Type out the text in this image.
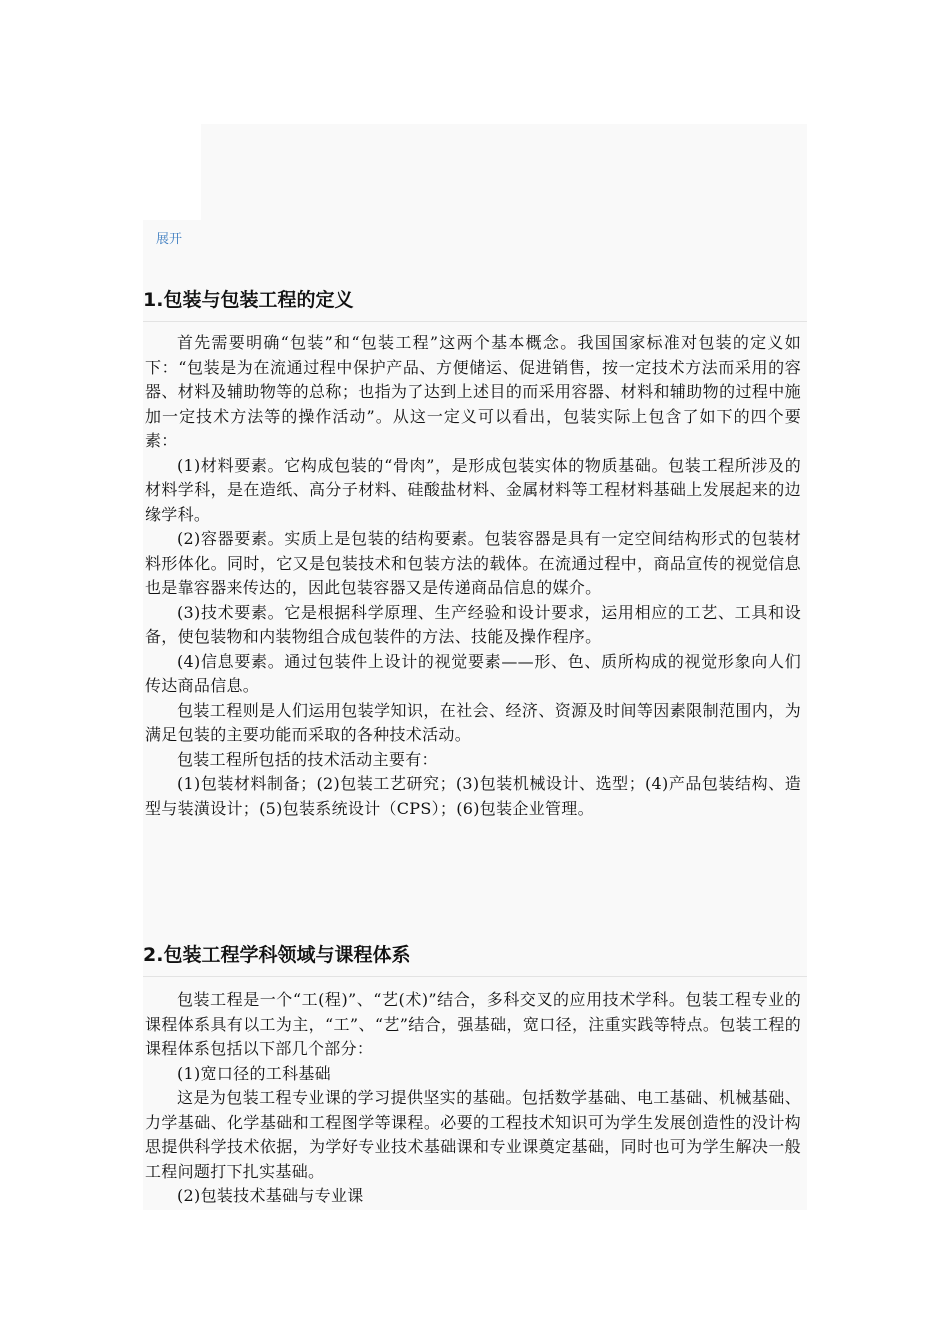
展开
1.包装与包装工程的定义

首先需要明确“包装”和“包装工程”这两个基本概念。我国国家标准对包装的定义如下：“包装是为在流通过程中保护产品、方便储运、促进销售，按一定技术方法而采用的容器、材料及辅助物等的总称；也指为了达到上述目的而采用容器、材料和辅助物的过程中施加一定技术方法等的操作活动”。从这一定义可以看出，包装实际上包含了如下的四个要素：

(1)材料要素。它构成包装的“骨肉”，是形成包装实体的物质基础。包装工程所涉及的材料学科，是在造纸、高分子材料、硅酸盐材料、金属材料等工程材料基础上发展起来的边缘学科。

(2)容器要素。实质上是包装的结构要素。包装容器是具有一定空间结构形式的包装材料形体化。同时，它又是包装技术和包装方法的载体。在流通过程中，商品宣传的视觉信息也是靠容器来传达的，因此包装容器又是传递商品信息的媒介。

(3)技术要素。它是根据科学原理、生产经验和设计要求，运用相应的工艺、工具和设备，使包装物和内装物组合成包装件的方法、技能及操作程序。

(4)信息要素。通过包装件上设计的视觉要素——形、色、质所构成的视觉形象向人们传达商品信息。

包装工程则是人们运用包装学知识，在社会、经济、资源及时间等因素限制范围内，为满足包装的主要功能而采取的各种技术活动。

包装工程所包括的技术活动主要有：

(1)包装材料制备；(2)包装工艺研究；(3)包装机械设计、选型；(4)产品包装结构、造型与装潢设计；(5)包装系统设计（CPS）；(6)包装企业管理。

2.包装工程学科领域与课程体系

包装工程是一个“工(程)”、“艺(术)”结合，多科交叉的应用技术学科。包装工程专业的课程体系具有以工为主，“工”、“艺”结合，强基础，宽口径，注重实践等特点。包装工程的课程体系包括以下部几个部分：

(1)宽口径的工科基础

这是为包装工程专业课的学习提供坚实的基础。包括数学基础、电工基础、机械基础、力学基础、化学基础和工程图学等课程。必要的工程技术知识可为学生发展创造性的没计构思提供科学技术依据，为学好专业技术基础课和专业课奠定基础，同时也可为学生解决一般工程问题打下扎实基础。

(2)包装技术基础与专业课
